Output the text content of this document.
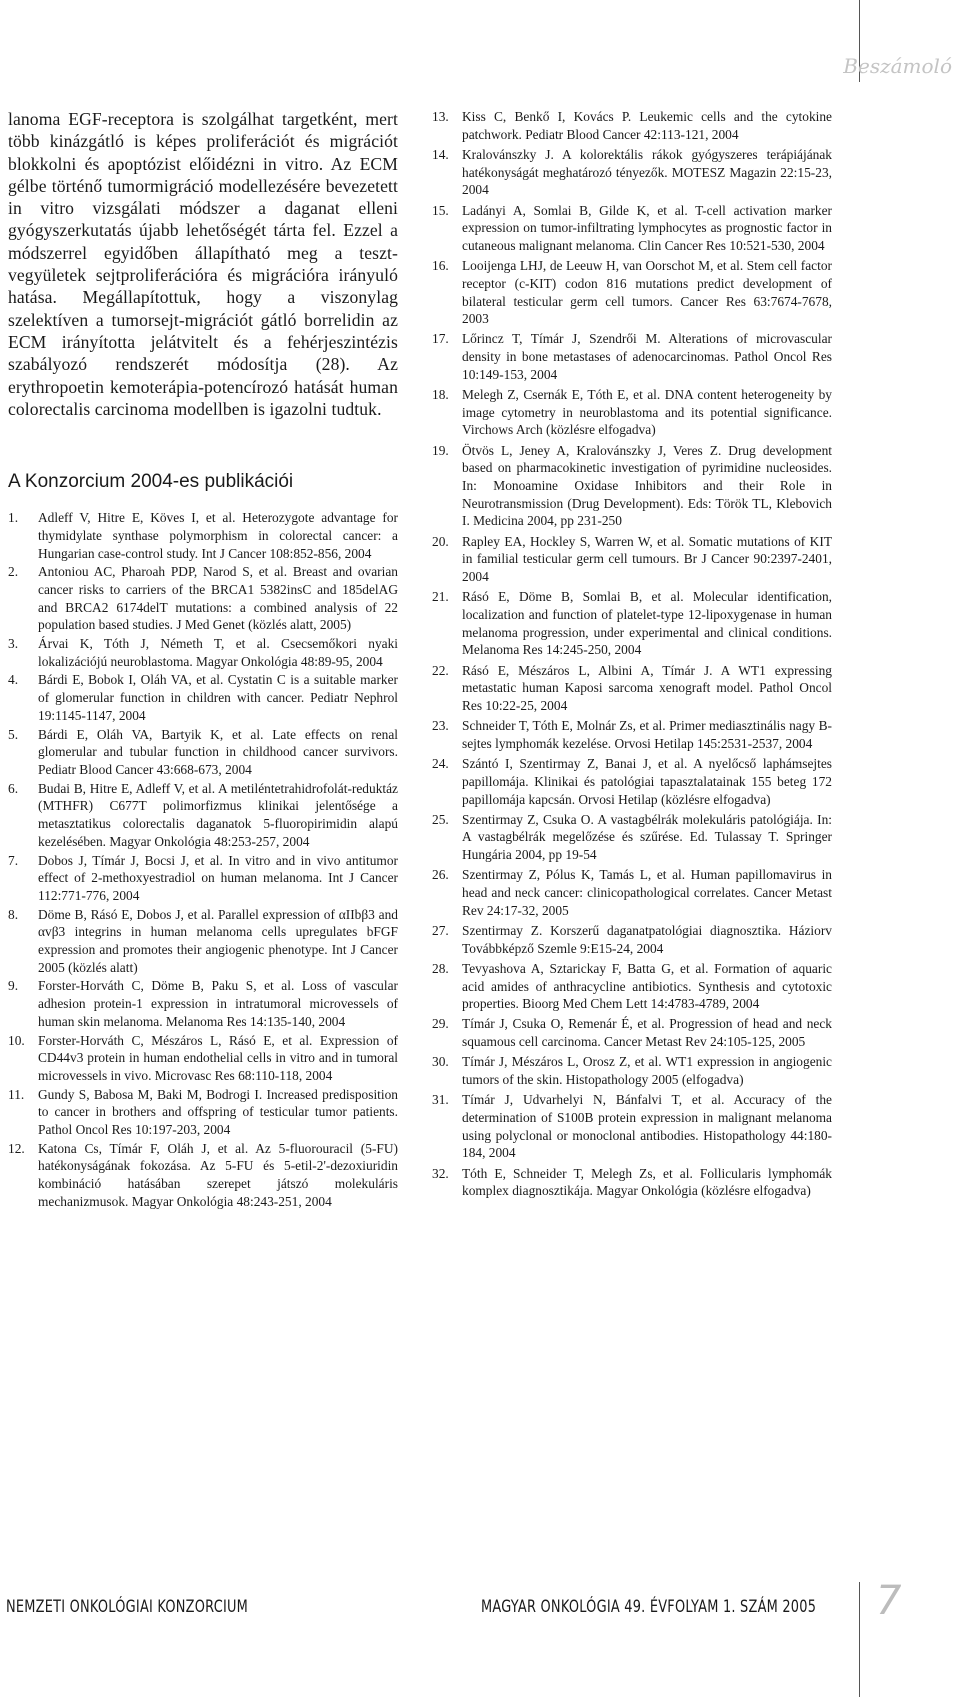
Beszámoló

lanoma EGF-receptora is szolgálhat targetként, mert több kinázgátló is képes proliferációt és migrációt blokkolni és apoptózist előidézni in vitro. Az ECM gélbe történő tumormigráció modellezésére bevezetett in vitro vizsgálati módszer a daganat elleni gyógyszerkutatás újabb lehetőségét tárta fel. Ezzel a módszerrel egyidőben állapítható meg a teszt-vegyületek sejtproliferációra és migrációra irányuló hatása. Megállapítottuk, hogy a viszonylag szelektíven a tumorsejt-migrációt gátló borrelidin az ECM irányította jelátvitelt és a fehérjeszintézis szabályozó rendszerét módosítja (28). Az erythropoetin kemoterápia-potencírozó hatását human colorectalis carcinoma modellben is igazolni tudtuk.

A Konzorcium 2004-es publikációi
1. Adleff V, Hitre E, Köves I, et al. Heterozygote advantage for thymidylate synthase polymorphism in colorectal cancer: a Hungarian case-control study. Int J Cancer 108:852-856, 2004
2. Antoniou AC, Pharoah PDP, Narod S, et al. Breast and ovarian cancer risks to carriers of the BRCA1 5382insC and 185delAG and BRCA2 6174delT mutations: a combined analysis of 22 population based studies. J Med Genet (közlés alatt, 2005)
3. Árvai K, Tóth J, Németh T, et al. Csecsemőkori nyaki lokalizációjú neuroblastoma. Magyar Onkológia 48:89-95, 2004
4. Bárdi E, Bobok I, Oláh VA, et al. Cystatin C is a suitable marker of glomerular function in children with cancer. Pediatr Nephrol 19:1145-1147, 2004
5. Bárdi E, Oláh VA, Bartyik K, et al. Late effects on renal glomerular and tubular function in childhood cancer survivors. Pediatr Blood Cancer 43:668-673, 2004
6. Budai B, Hitre E, Adleff V, et al. A metiléntetrahidrofolát-reduktáz (MTHFR) C677T polimorfizmus klinikai jelentősége a metasztatikus colorectalis daganatok 5-fluoropirimidin alapú kezelésében. Magyar Onkológia 48:253-257, 2004
7. Dobos J, Tímár J, Bocsi J, et al. In vitro and in vivo antitumor effect of 2-methoxyestradiol on human melanoma. Int J Cancer 112:771-776, 2004
8. Döme B, Rásó E, Dobos J, et al. Parallel expression of αIIbβ3 and αvβ3 integrins in human melanoma cells upregulates bFGF expression and promotes their angiogenic phenotype. Int J Cancer 2005 (közlés alatt)
9. Forster-Horváth C, Döme B, Paku S, et al. Loss of vascular adhesion protein-1 expression in intratumoral microvessels of human skin melanoma. Melanoma Res 14:135-140, 2004
10. Forster-Horváth C, Mészáros L, Rásó E, et al. Expression of CD44v3 protein in human endothelial cells in vitro and in tumoral microvessels in vivo. Microvasc Res 68:110-118, 2004
11. Gundy S, Babosa M, Baki M, Bodrogi I. Increased predisposition to cancer in brothers and offspring of testicular tumor patients. Pathol Oncol Res 10:197-203, 2004
12. Katona Cs, Tímár F, Oláh J, et al. Az 5-fluorouracil (5-FU) hatékonyságának fokozása. Az 5-FU és 5-etil-2'-dezoxiuridin kombináció hatásában szerepet játszó molekuláris mechanizmusok. Magyar Onkológia 48:243-251, 2004
13. Kiss C, Benkő I, Kovács P. Leukemic cells and the cytokine patchwork. Pediatr Blood Cancer 42:113-121, 2004
14. Kralovánszky J. A kolorektális rákok gyógyszeres terápiájának hatékonyságát meghatározó tényezők. MOTESZ Magazin 22:15-23, 2004
15. Ladányi A, Somlai B, Gilde K, et al. T-cell activation marker expression on tumor-infiltrating lymphocytes as prognostic factor in cutaneous malignant melanoma. Clin Cancer Res 10:521-530, 2004
16. Looijenga LHJ, de Leeuw H, van Oorschot M, et al. Stem cell factor receptor (c-KIT) codon 816 mutations predict development of bilateral testicular germ cell tumors. Cancer Res 63:7674-7678, 2003
17. Lőrincz T, Tímár J, Szendrői M. Alterations of microvascular density in bone metastases of adenocarcinomas. Pathol Oncol Res 10:149-153, 2004
18. Melegh Z, Csernák E, Tóth E, et al. DNA content heterogeneity by image cytometry in neuroblastoma and its potential significance. Virchows Arch (közlésre elfogadva)
19. Ötvös L, Jeney A, Kralovánszky J, Veres Z. Drug development based on pharmacokinetic investigation of pyrimidine nucleosides. In: Monoamine Oxidase Inhibitors and their Role in Neurotransmission (Drug Development). Eds: Török TL, Klebovich I. Medicina 2004, pp 231-250
20. Rapley EA, Hockley S, Warren W, et al. Somatic mutations of KIT in familial testicular germ cell tumours. Br J Cancer 90:2397-2401, 2004
21. Rásó E, Döme B, Somlai B, et al. Molecular identification, localization and function of platelet-type 12-lipoxygenase in human melanoma progression, under experimental and clinical conditions. Melanoma Res 14:245-250, 2004
22. Rásó E, Mészáros L, Albini A, Tímár J. A WT1 expressing metastatic human Kaposi sarcoma xenograft model. Pathol Oncol Res 10:22-25, 2004
23. Schneider T, Tóth E, Molnár Zs, et al. Primer mediasztinális nagy B-sejtes lymphomák kezelése. Orvosi Hetilap 145:2531-2537, 2004
24. Szántó I, Szentirmay Z, Banai J, et al. A nyelőcső laphámsejtes papillomája. Klinikai és patológiai tapasztalatainak 155 beteg 172 papillomája kapcsán. Orvosi Hetilap (közlésre elfogadva)
25. Szentirmay Z, Csuka O. A vastagbélrák molekuláris patológiája. In: A vastagbélrák megelőzése és szűrése. Ed. Tulassay T. Springer Hungária 2004, pp 19-54
26. Szentirmay Z, Pólus K, Tamás L, et al. Human papillomavirus in head and neck cancer: clinicopathological correlates. Cancer Metast Rev 24:17-32, 2005
27. Szentirmay Z. Korszerű daganatpatológiai diagnosztika. Háziorv Továbbképző Szemle 9:E15-24, 2004
28. Tevyashova A, Sztarickay F, Batta G, et al. Formation of aquaric acid amides of anthracycline antibiotics. Synthesis and cytotoxic properties. Bioorg Med Chem Lett 14:4783-4789, 2004
29. Tímár J, Csuka O, Remenár É, et al. Progression of head and neck squamous cell carcinoma. Cancer Metast Rev 24:105-125, 2005
30. Tímár J, Mészáros L, Orosz Z, et al. WT1 expression in angiogenic tumors of the skin. Histopathology 2005 (elfogadva)
31. Tímár J, Udvarhelyi N, Bánfalvi T, et al. Accuracy of the determination of S100B protein expression in malignant melanoma using polyclonal or monoclonal antibodies. Histopathology 44:180-184, 2004
32. Tóth E, Schneider T, Melegh Zs, et al. Follicularis lymphomák komplex diagnosztikája. Magyar Onkológia (közlésre elfogadva)
NEMZETI ONKOLÓGIAI KONZORCIUM	MAGYAR ONKOLÓGIA 49. ÉVFOLYAM 1. SZÁM 2005 7
